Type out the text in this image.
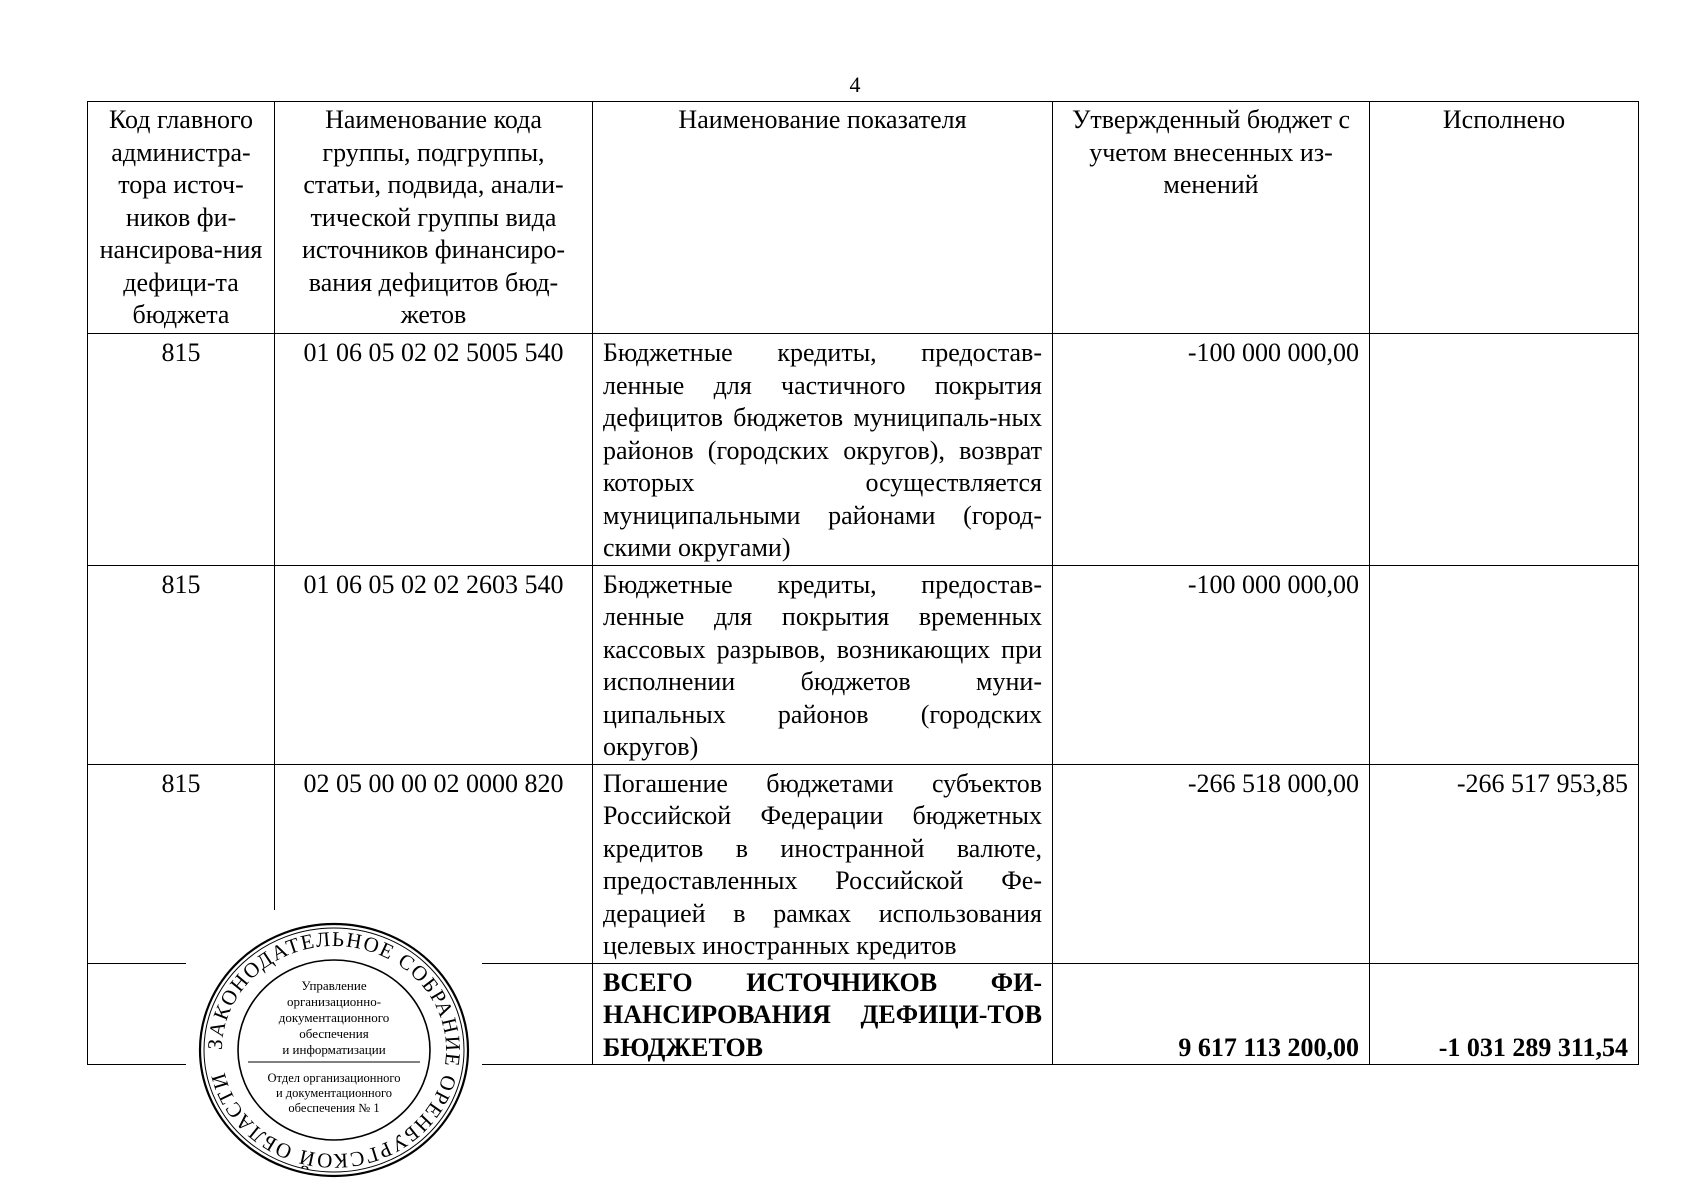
4
Код главного администра-тора источ-ников фи-нансирова-ния дефици-та бюджета	Наименование кода группы, подгруппы, статьи, подвида, анали-тической группы вида источников финансиро-вания дефицитов бюд-жетов	Наименование показателя	Утвержденный бюджет с учетом внесенных из-менений	Исполнено
815	01 06 05 02 02 5005 540	Бюджетные кредиты, предостав-ленные для частичного покрытия дефицитов бюджетов муниципаль-ных районов (городских округов), возврат которых осуществляется муниципальными районами (город-скими округами)	-100 000 000,00	
815	01 06 05 02 02 2603 540	Бюджетные кредиты, предостав-ленные для покрытия временных кассовых разрывов, возникающих при исполнении бюджетов муни-ципальных районов (городских округов)	-100 000 000,00	
815	02 05 00 00 02 0000 820	Погашение бюджетами субъектов Российской Федерации бюджетных кредитов в иностранной валюте, предоставленных Российской Фе-дерацией в рамках использования целевых иностранных кредитов	-266 518 000,00	-266 517 953,85
		ВСЕГО ИСТОЧНИКОВ ФИ-НАНСИРОВАНИЯ ДЕФИЦИ-ТОВ БЮДЖЕТОВ	9 617 113 200,00	-1 031 289 311,54
ЗАКОНОДАТЕЛЬНОЕ СОБРАНИЕ ОРЕНБУРГСКОЙ ОБЛАСТИ
Управление
организационно-
документационного
обеспечения
и информатизации
Отдел организационного
и документационного
обеспечения № 1
